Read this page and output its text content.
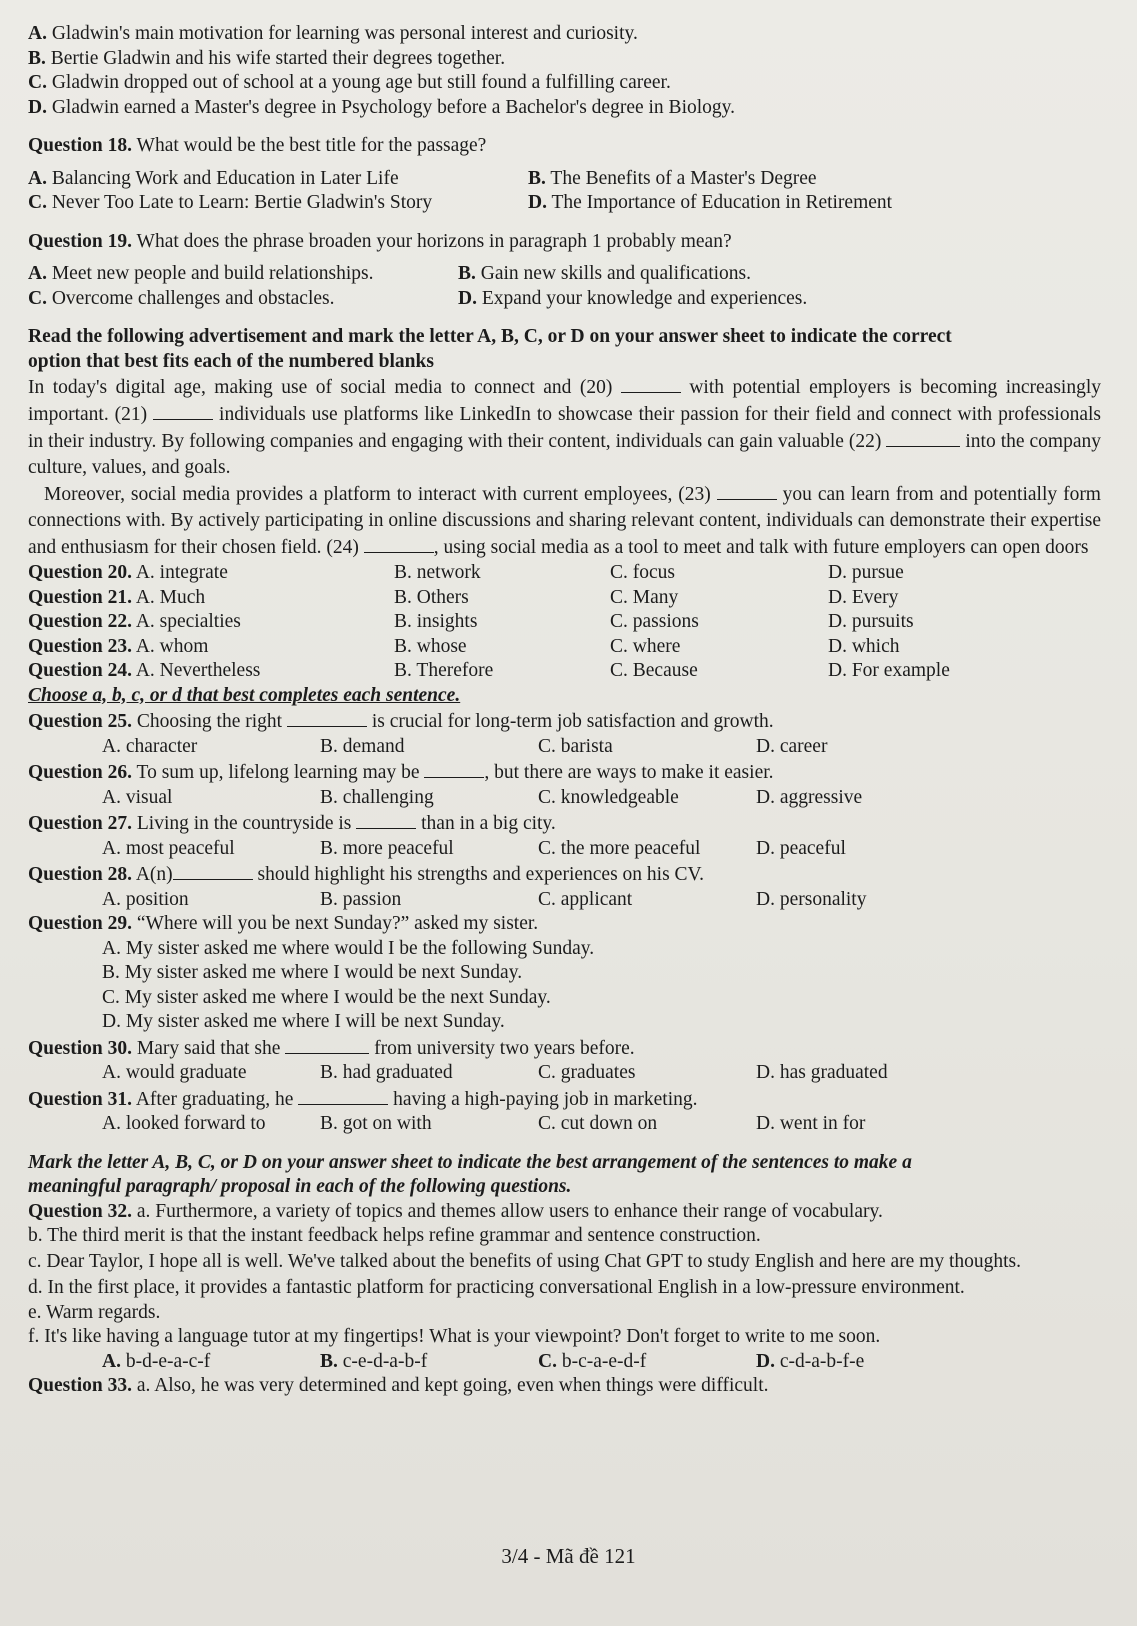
A. Gladwin's main motivation for learning was personal interest and curiosity.
B. Bertie Gladwin and his wife started their degrees together.
C. Gladwin dropped out of school at a young age but still found a fulfilling career.
D. Gladwin earned a Master's degree in Psychology before a Bachelor's degree in Biology.
Question 18. What would be the best title for the passage?
A. Balancing Work and Education in Later Life	B. The Benefits of a Master's Degree
C. Never Too Late to Learn: Bertie Gladwin's Story	D. The Importance of Education in Retirement
Question 19. What does the phrase broaden your horizons in paragraph 1 probably mean?
A. Meet new people and build relationships.	B. Gain new skills and qualifications.
C. Overcome challenges and obstacles.	D. Expand your knowledge and experiences.
Read the following advertisement and mark the letter A, B, C, or D on your answer sheet to indicate the correct
option that best fits each of the numbered blanks
In today's digital age, making use of social media to connect and (20)	with potential employers is becoming increasingly important. (21)	individuals use platforms like LinkedIn to showcase their passion for their field and connect with professionals in their industry. By following companies and engaging with their content, individuals can gain valuable (22)	into the company culture, values, and goals.
Moreover, social media provides a platform to interact with current employees, (23)	you can learn from and potentially form connections with. By actively participating in online discussions and sharing relevant content, individuals can demonstrate their expertise and enthusiasm for their chosen field. (24)	, using social media as a tool to meet and talk with future employers can open doors
Question 20. A. integrate	B. network	C. focus	D. pursue
Question 21. A. Much	B. Others	C. Many	D. Every
Question 22. A. specialties	B. insights	C. passions	D. pursuits
Question 23. A. whom	B. whose	C. where	D. which
Question 24. A. Nevertheless	B. Therefore	C. Because	D. For example
Choose a, b, c, or d that best completes each sentence.
Question 25. Choosing the right	is crucial for long-term job satisfaction and growth.
A. character	B. demand	C. barista	D. career
Question 26. To sum up, lifelong learning may be	, but there are ways to make it easier.
A. visual	B. challenging	C. knowledgeable	D. aggressive
Question 27. Living in the countryside is	than in a big city.
A. most peaceful	B. more peaceful	C. the more peaceful	D. peaceful
Question 28. A(n)	should highlight his strengths and experiences on his CV.
A. position	B. passion	C. applicant	D. personality
Question 29. “Where will you be next Sunday?” asked my sister.
A. My sister asked me where would I be the following Sunday.
B. My sister asked me where I would be next Sunday.
C. My sister asked me where I would be the next Sunday.
D. My sister asked me where I will be next Sunday.
Question 30. Mary said that she	from university two years before.
A. would graduate	B. had graduated	C. graduates	D. has graduated
Question 31. After graduating, he	having a high-paying job in marketing.
A. looked forward to	B. got on with	C. cut down on	D. went in for
Mark the letter A, B, C, or D on your answer sheet to indicate the best arrangement of the sentences to make a
meaningful paragraph/ proposal in each of the following questions.
Question 32. a. Furthermore, a variety of topics and themes allow users to enhance their range of vocabulary.
b. The third merit is that the instant feedback helps refine grammar and sentence construction.
c. Dear Taylor, I hope all is well. We've talked about the benefits of using Chat GPT to study English and here are my thoughts.
d. In the first place, it provides a fantastic platform for practicing conversational English in a low-pressure environment.
e. Warm regards.
f. It's like having a language tutor at my fingertips! What is your viewpoint? Don't forget to write to me soon.
A. b-d-e-a-c-f	B. c-e-d-a-b-f	C. b-c-a-e-d-f	D. c-d-a-b-f-e
Question 33. a. Also, he was very determined and kept going, even when things were difficult.
3/4 - Mã đề 121
